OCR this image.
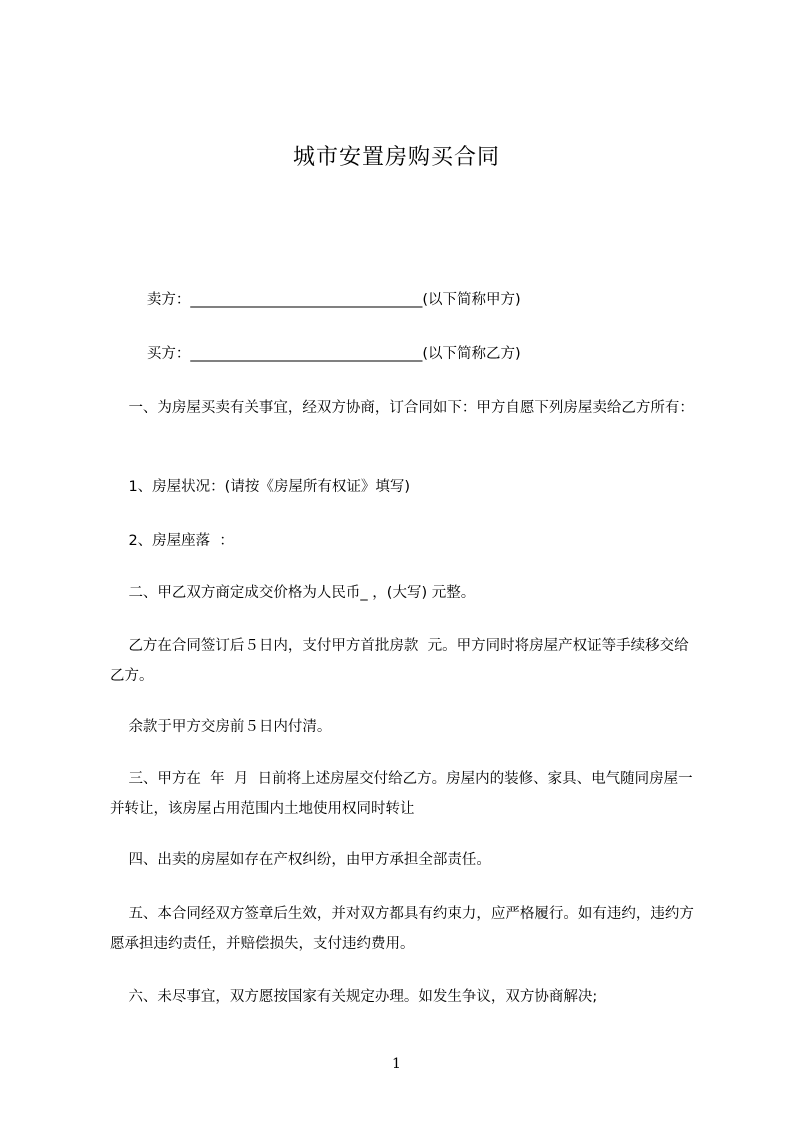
城市安置房购买合同
卖方：________________________________(以下简称甲方)
买方：________________________________(以下简称乙方)
一、为房屋买卖有关事宜，经双方协商，订合同如下：甲方自愿下列房屋卖给乙方所有：
1、房屋状况：(请按《房屋所有权证》填写)
2、房屋座落  ：
二、甲乙双方商定成交价格为人民币_ ，(大写) 元整。
乙方在合同签订后５日内，支付甲方首批房款  元。甲方同时将房屋产权证等手续移交给乙方。
余款于甲方交房前５日内付清。
三、甲方在  年  月  日前将上述房屋交付给乙方。房屋内的装修、家具、电气随同房屋一并转让，该房屋占用范围内土地使用权同时转让
四、出卖的房屋如存在产权纠纷，由甲方承担全部责任。
五、本合同经双方签章后生效，并对双方都具有约束力，应严格履行。如有违约，违约方愿承担违约责任，并赔偿损失，支付违约费用。
六、未尽事宜，双方愿按国家有关规定办理。如发生争议，双方协商解决;
1
